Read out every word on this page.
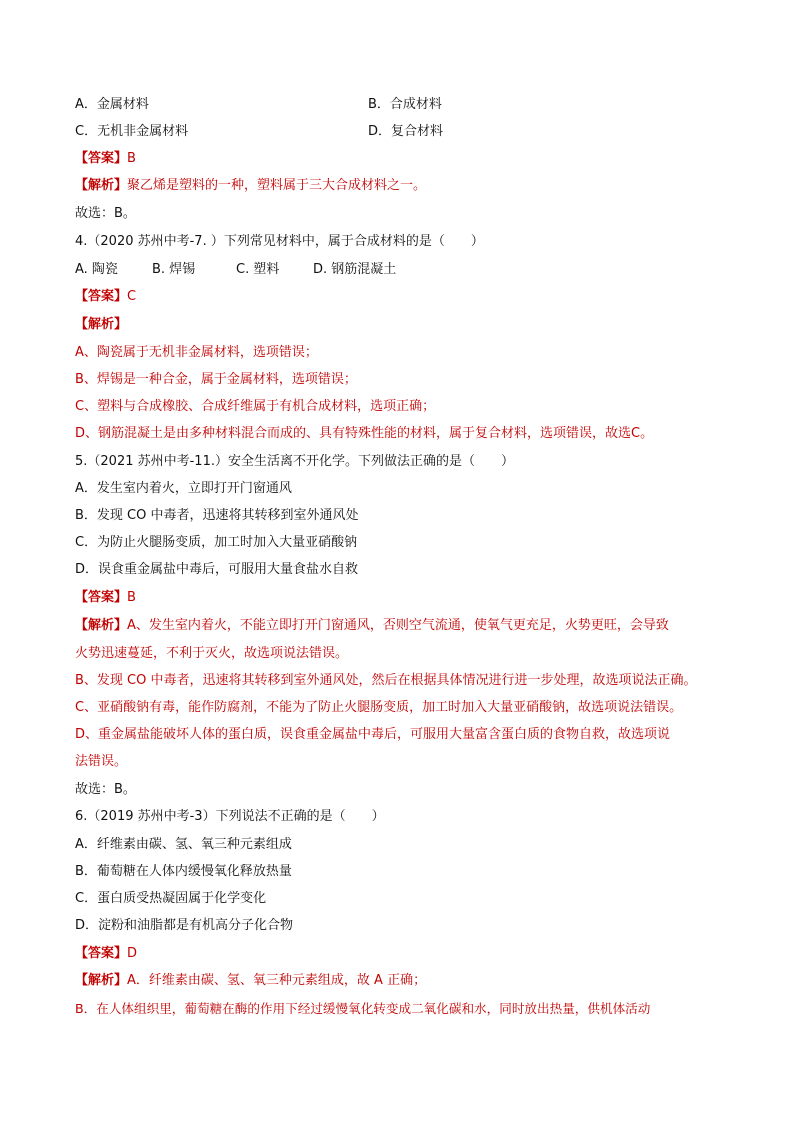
A．金属材料	B．合成材料
C．无机非金属材料	D．复合材料
【答案】B
【解析】聚乙烯是塑料的一种，塑料属于三大合成材料之一。
故选：B。
4.（2020 苏州中考-7. ）下列常见材料中，属于合成材料的是（　　）
A. 陶瓷	B. 焊锡	C. 塑料	D. 钢筋混凝土
【答案】C
【解析】
A、陶瓷属于无机非金属材料，选项错误；
B、焊锡是一种合金，属于金属材料，选项错误；
C、塑料与合成橡胶、合成纤维属于有机合成材料，选项正确；
D、钢筋混凝土是由多种材料混合而成的、具有特殊性能的材料，属于复合材料，选项错误，故选C。
5.（2021 苏州中考-11.）安全生活离不开化学。下列做法正确的是（　　）
A．发生室内着火，立即打开门窗通风
B．发现 CO 中毒者，迅速将其转移到室外通风处
C．为防止火腿肠变质，加工时加入大量亚硝酸钠
D．误食重金属盐中毒后，可服用大量食盐水自救
【答案】B
【解析】A、发生室内着火，不能立即打开门窗通风，否则空气流通，使氧气更充足，火势更旺，会导致
火势迅速蔓延，不利于灭火，故选项说法错误。
B、发现 CO 中毒者，迅速将其转移到室外通风处，然后在根据具体情况进行进一步处理，故选项说法正确。
C、亚硝酸钠有毒，能作防腐剂，不能为了防止火腿肠变质，加工时加入大量亚硝酸钠，故选项说法错误。
D、重金属盐能破坏人体的蛋白质，误食重金属盐中毒后，可服用大量富含蛋白质的食物自救，故选项说
法错误。
故选：B。
6.（2019 苏州中考-3）下列说法不正确的是（　　）
A．纤维素由碳、氢、氧三种元素组成
B．葡萄糖在人体内缓慢氧化释放热量
C．蛋白质受热凝固属于化学变化
D．淀粉和油脂都是有机高分子化合物
【答案】D
【解析】A．纤维素由碳、氢、氧三种元素组成，故 A 正确；
B．在人体组织里，葡萄糖在酶的作用下经过缓慢氧化转变成二氧化碳和水，同时放出热量，供机体活动
